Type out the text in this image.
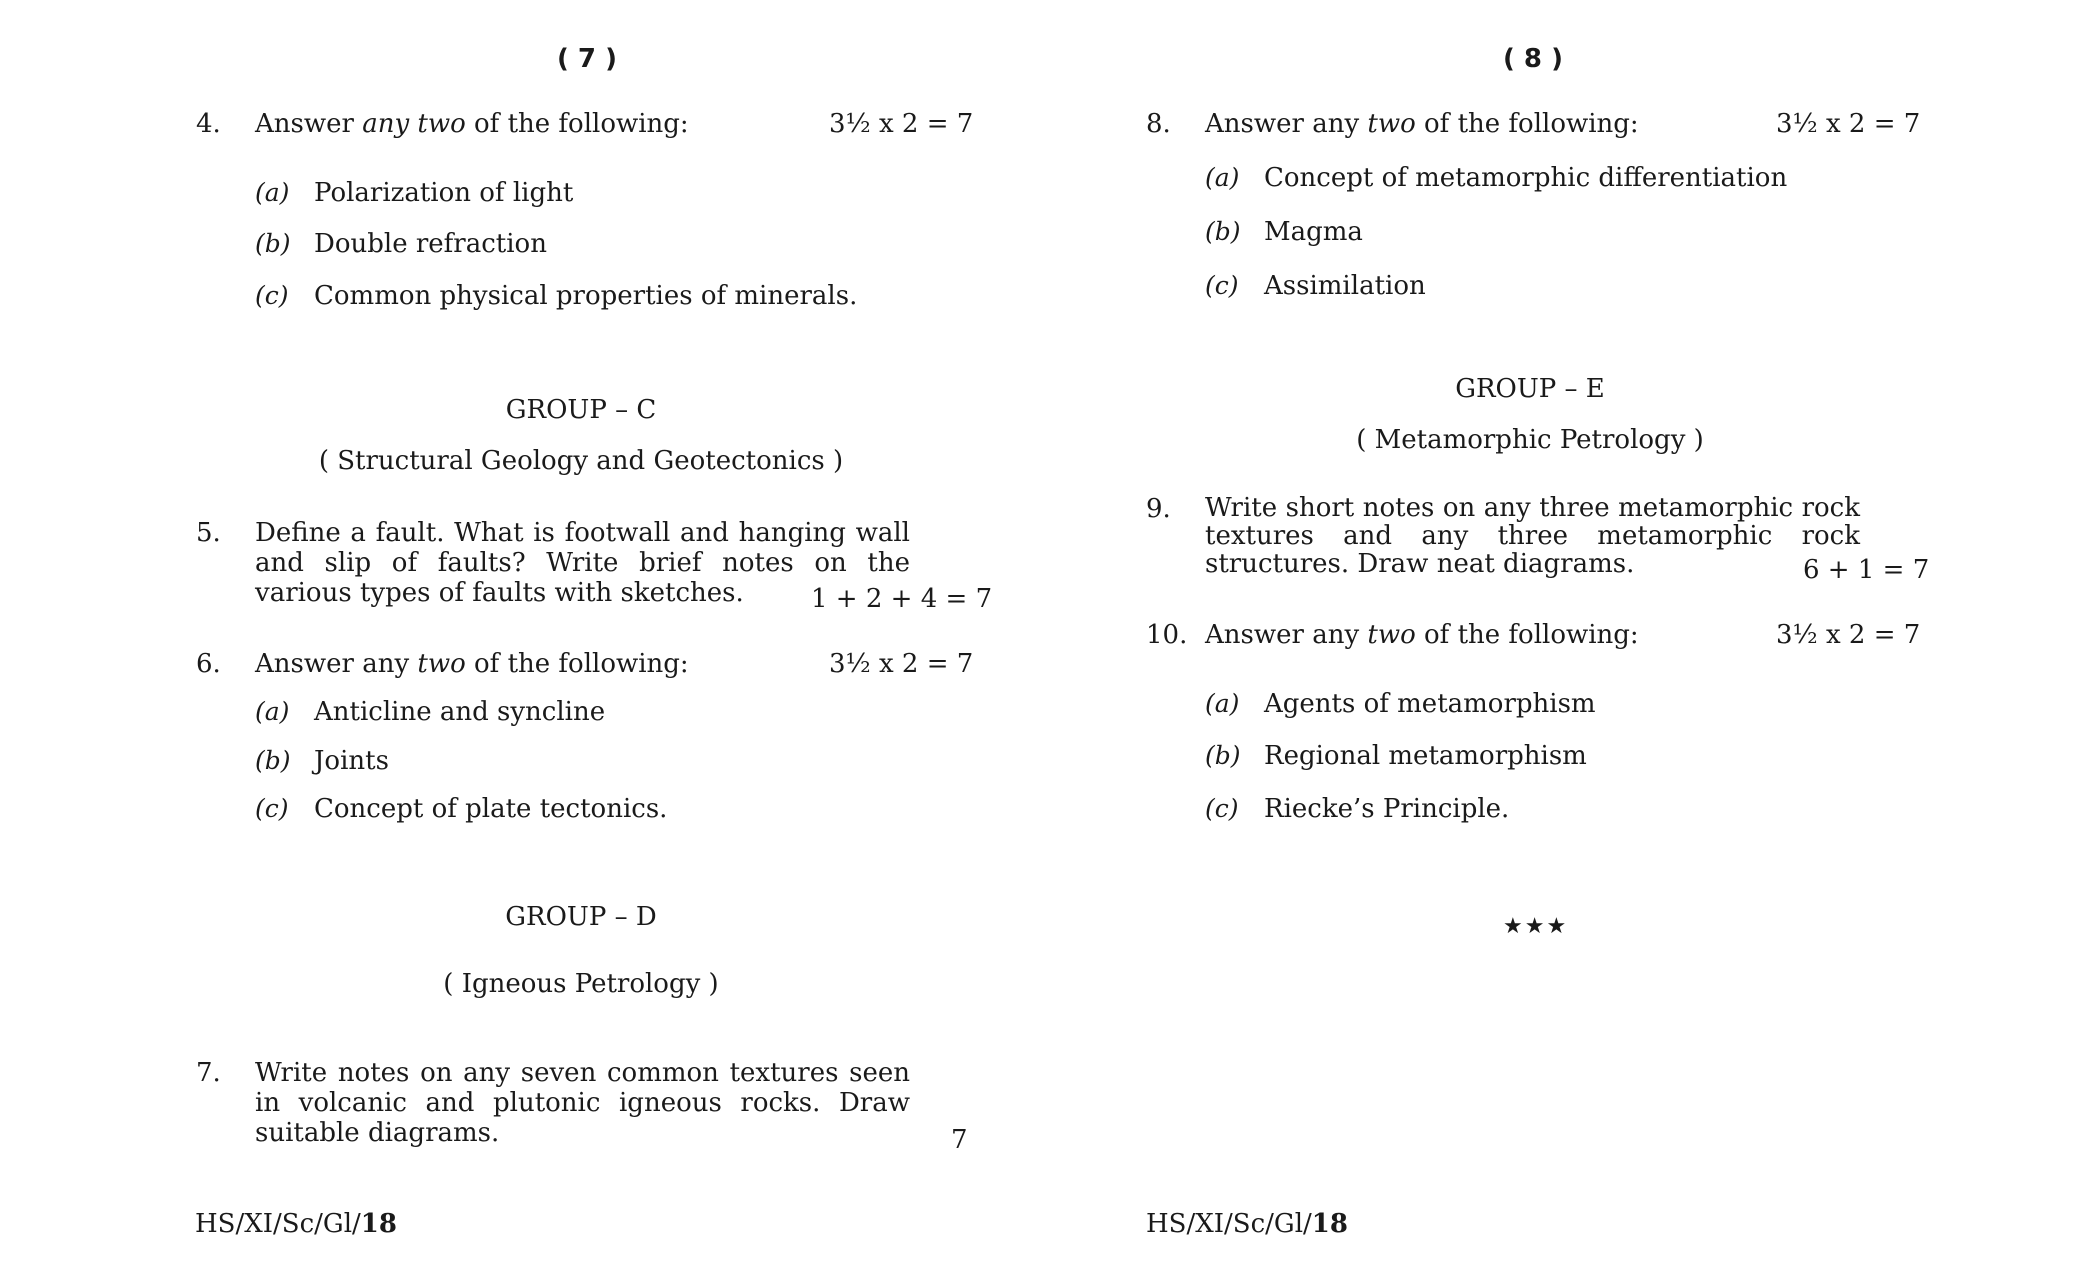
( 7 )
4. Answer any two of the following:	3½ x 2 = 7
(a) Polarization of light
(b) Double refraction
(c) Common physical properties of minerals.
GROUP – C
( Structural Geology and Geotectonics )
5. Define a fault. What is footwall and hanging wall and slip of faults? Write brief notes on the various types of faults with sketches.	1 + 2 + 4 = 7
6. Answer any two of the following:	3½ x 2 = 7
(a) Anticline and syncline
(b) Joints
(c) Concept of plate tectonics.
GROUP – D
( Igneous Petrology )
7. Write notes on any seven common textures seen in volcanic and plutonic igneous rocks. Draw suitable diagrams.	7
HS/XI/Sc/Gl/18
( 8 )
8. Answer any two of the following:	3½ x 2 = 7
(a) Concept of metamorphic differentiation
(b) Magma
(c) Assimilation
GROUP – E
( Metamorphic Petrology )
9. Write short notes on any three metamorphic rock textures and any three metamorphic rock structures. Draw neat diagrams.	6 + 1 = 7
10. Answer any two of the following:	3½ x 2 = 7
(a) Agents of metamorphism
(b) Regional metamorphism
(c) Riecke’s Principle.
★★★
HS/XI/Sc/Gl/18
